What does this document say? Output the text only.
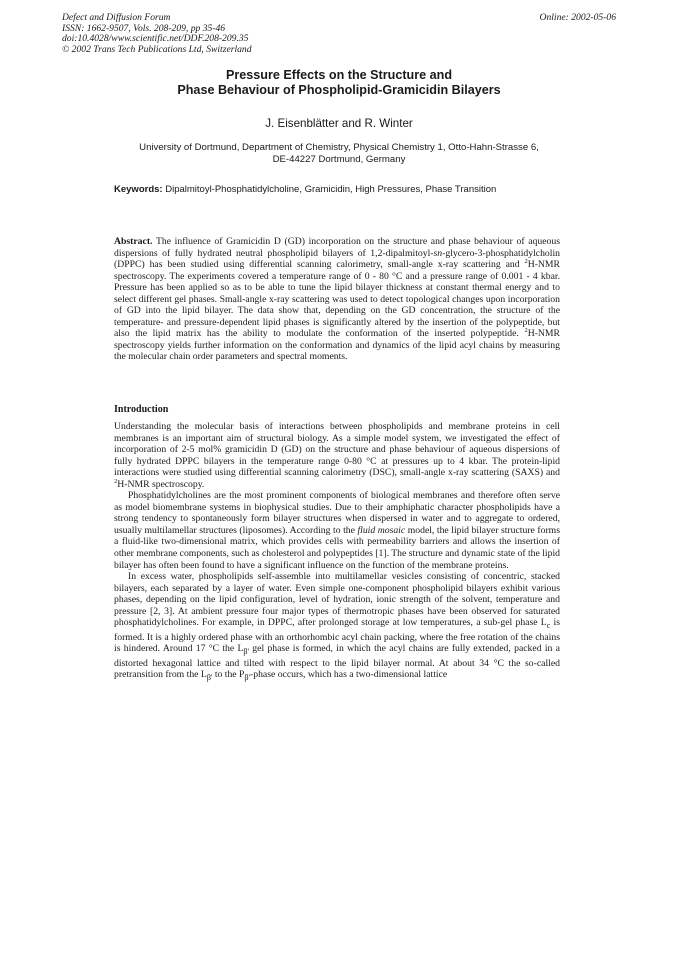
Defect and Diffusion Forum
ISSN: 1662-9507, Vols. 208-209, pp 35-46
doi:10.4028/www.scientific.net/DDF.208-209.35
© 2002 Trans Tech Publications Ltd, Switzerland
Online: 2002-05-06
Pressure Effects on the Structure and
Phase Behaviour of Phospholipid-Gramicidin Bilayers
J. Eisenblätter and R. Winter
University of Dortmund, Department of Chemistry, Physical Chemistry 1, Otto-Hahn-Strasse 6,
DE-44227 Dortmund, Germany
Keywords: Dipalmitoyl-Phosphatidylcholine, Gramicidin, High Pressures, Phase Transition

Abstract. The influence of Gramicidin D (GD) incorporation on the structure and phase behaviour of aqueous dispersions of fully hydrated neutral phospholipid bilayers of 1,2-dipalmitoyl-sn-glycero-3-phosphatidylcholin (DPPC) has been studied using differential scanning calorimetry, small-angle x-ray scattering and $^2$H-NMR spectroscopy. The experiments covered a temperature range of 0 - 80 °C and a pressure range of 0.001 - 4 kbar. Pressure has been applied so as to be able to tune the lipid bilayer thickness at constant thermal energy and to select different gel phases. Small-angle x-ray scattering was used to detect topological changes upon incorporation of GD into the lipid bilayer. The data show that, depending on the GD concentration, the structure of the temperature- and pressure-dependent lipid phases is significantly altered by the insertion of the polypeptide, but also the lipid matrix has the ability to modulate the conformation of the inserted polypeptide. $^2$H-NMR spectroscopy yields further information on the conformation and dynamics of the lipid acyl chains by measuring the molecular chain order parameters and spectral moments.

Introduction

Understanding the molecular basis of interactions between phospholipids and membrane proteins in cell membranes is an important aim of structural biology. As a simple model system, we investigated the effect of incorporation of 2-5 mol% gramicidin D (GD) on the structure and phase behaviour of aqueous dispersions of fully hydrated DPPC bilayers in the temperature range 0-80 °C at pressures up to 4 kbar. The protein-lipid interactions were studied using differential scanning calorimetry (DSC), small-angle x-ray scattering (SAXS) and $^2$H-NMR spectroscopy.

Phosphatidylcholines are the most prominent components of biological membranes and therefore often serve as model biomembrane systems in biophysical studies. Due to their amphiphatic character phospholipids have a strong tendency to spontaneously form bilayer structures when dispersed in water and to aggregate to ordered, usually multilamellar structures (liposomes). According to the fluid mosaic model, the lipid bilayer structure forms a fluid-like two-dimensional matrix, which provides cells with permeability barriers and allows the insertion of other membrane components, such as cholesterol and polypeptides [1]. The structure and dynamic state of the lipid bilayer has often been found to have a significant influence on the function of the membrane proteins.

In excess water, phospholipids self-assemble into multilamellar vesicles consisting of concentric, stacked bilayers, each separated by a layer of water. Even simple one-component phospholipid bilayers exhibit various phases, depending on the lipid configuration, level of hydration, ionic strength of the solvent, temperature and pressure [2, 3]. At ambient pressure four major types of thermotropic phases have been observed for saturated phosphatidylcholines. For example, in DPPC, after prolonged storage at low temperatures, a sub-gel phase $L_c$ is formed. It is a highly ordered phase with an orthorhombic acyl chain packing, where the free rotation of the chains is hindered. Around 17 °C the $L_{\beta'}$ gel phase is formed, in which the acyl chains are fully extended, packed in a distorted hexagonal lattice and tilted with respect to the lipid bilayer normal. At about 34 °C the so-called pretransition from the $L_{\beta'}$ to the $P_{\beta'}$-phase occurs, which has a two-dimensional lattice
